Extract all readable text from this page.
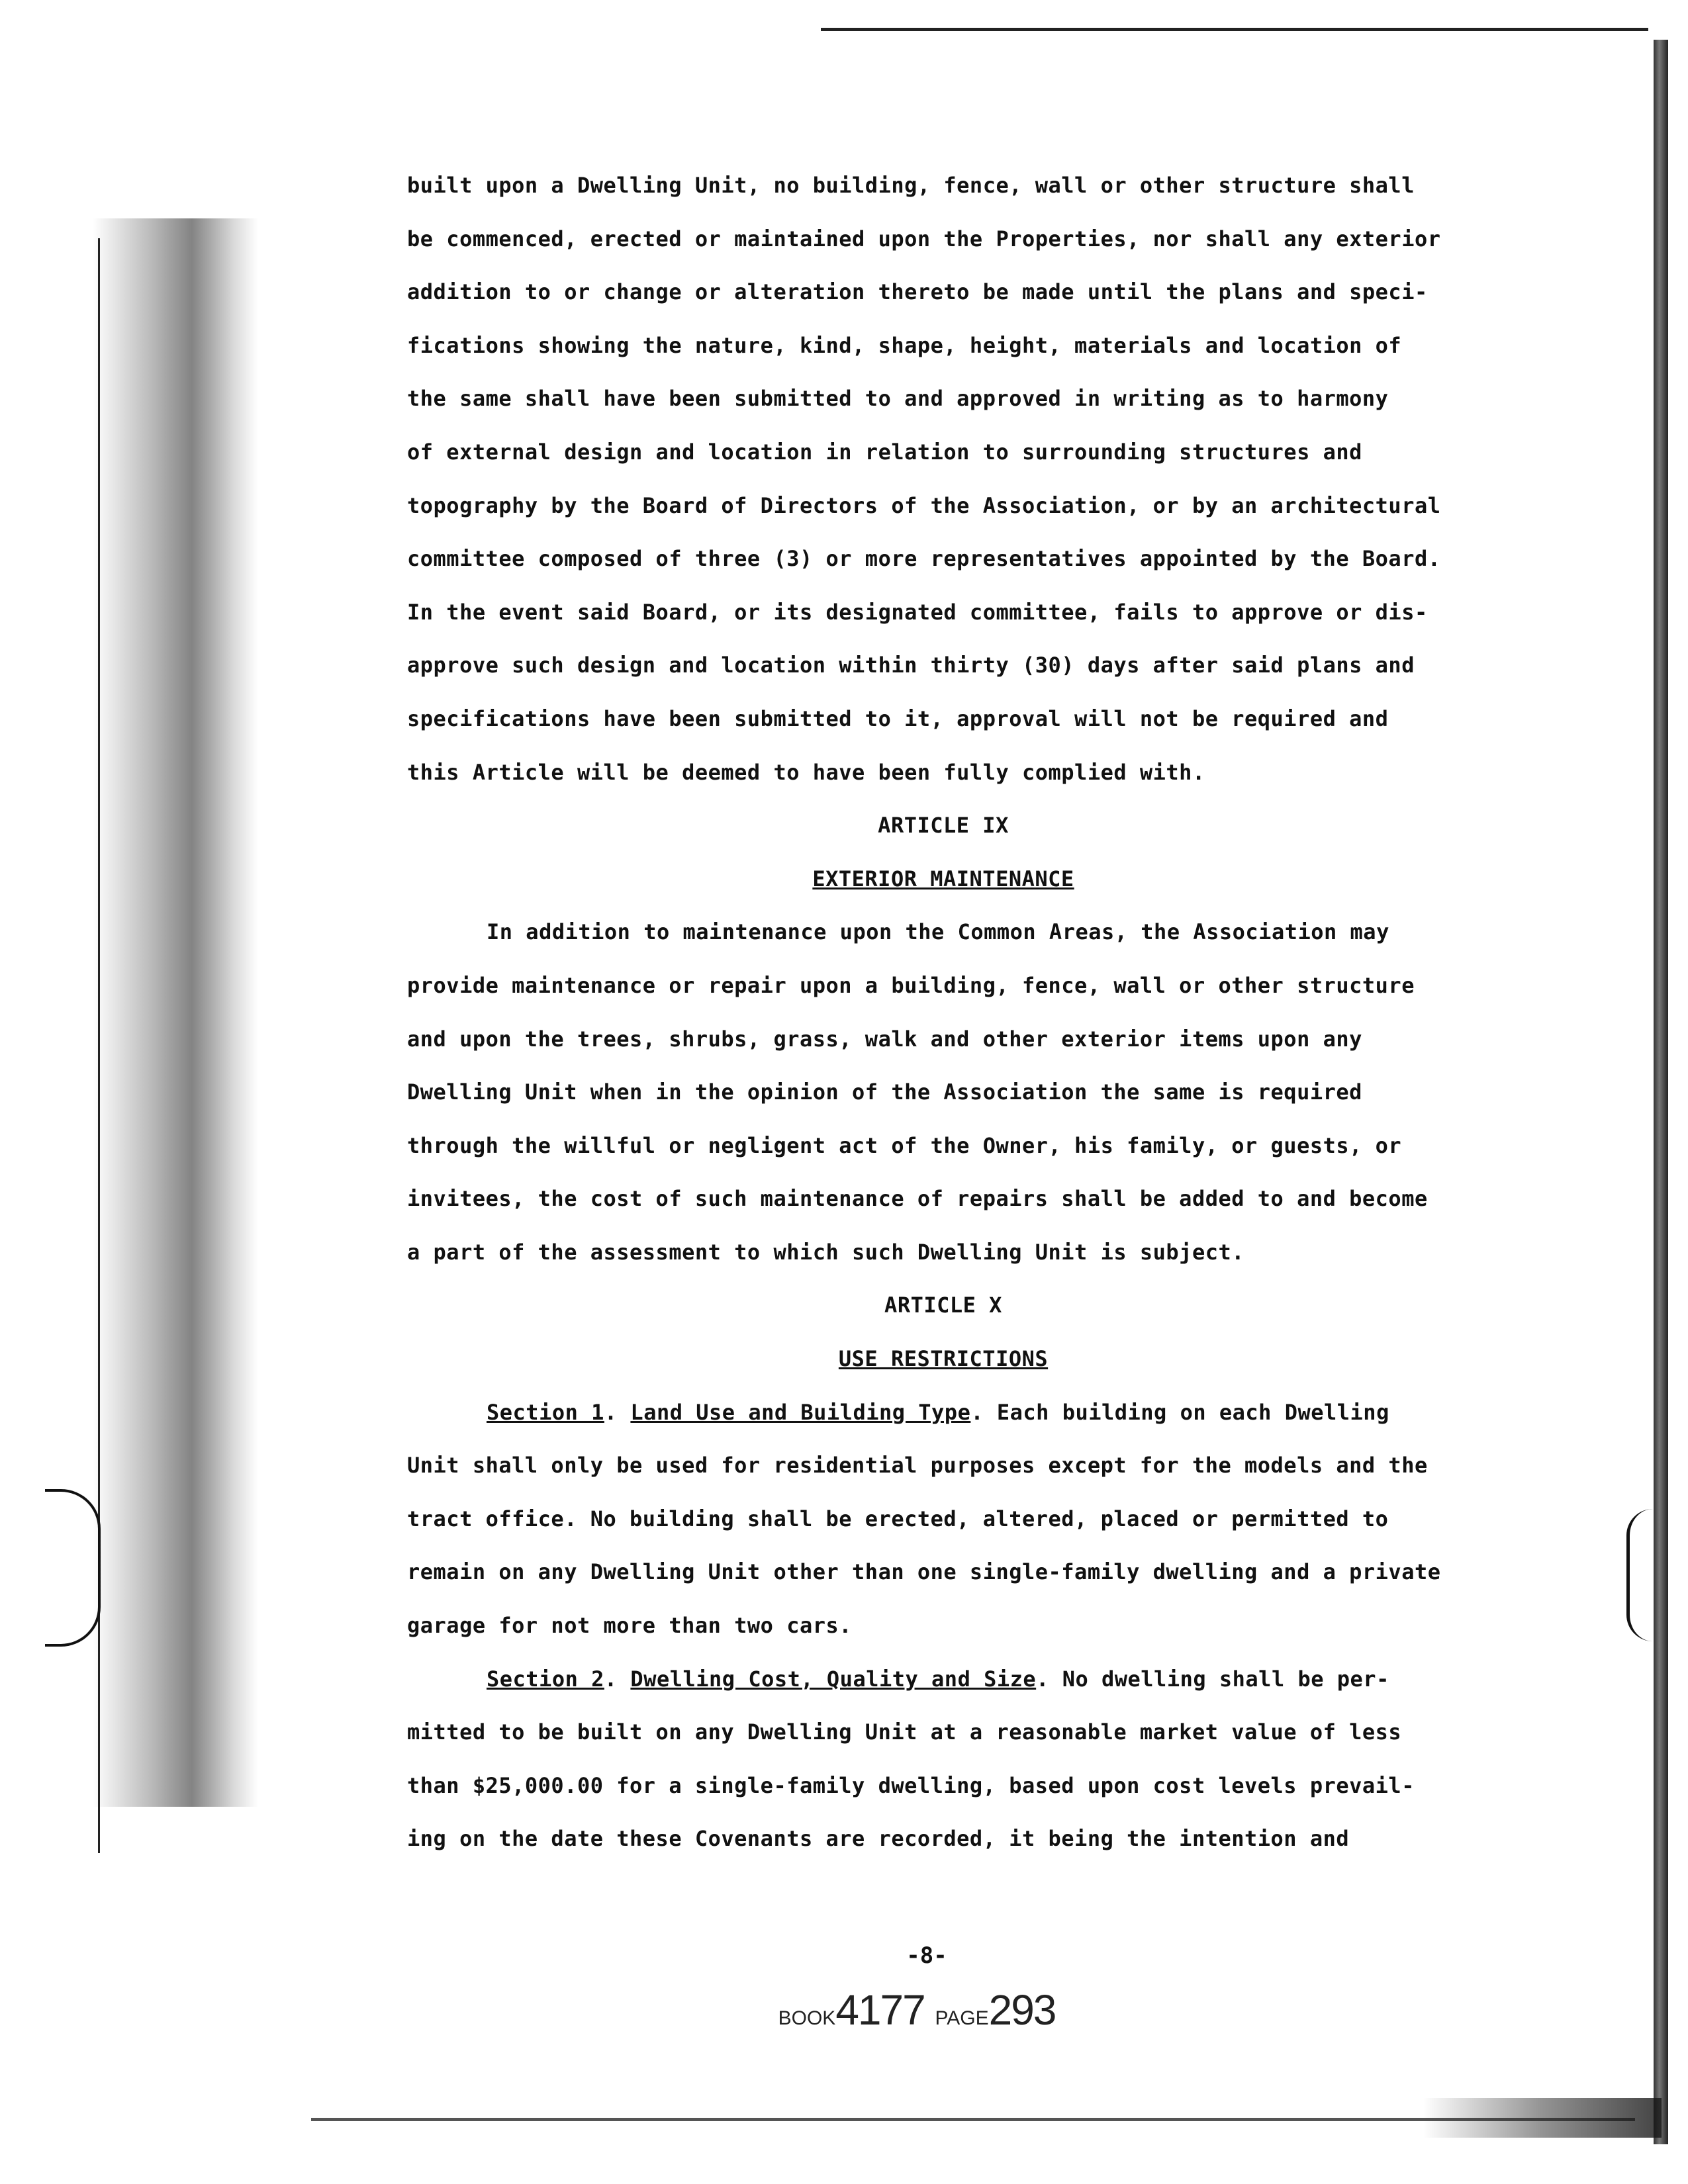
built upon a Dwelling Unit, no building, fence, wall or other structure shall
be commenced, erected or maintained upon the Properties, nor shall any exterior
addition to or change or alteration thereto be made until the plans and speci-
fications showing the nature, kind, shape, height, materials and location of
the same shall have been submitted to and approved in writing as to harmony
of external design and location in relation to surrounding structures and
topography by the Board of Directors of the Association, or by an architectural
committee composed of three (3) or more representatives appointed by the Board.
In the event said Board, or its designated committee, fails to approve or dis-
approve such design and location within thirty (30) days after said plans and
specifications have been submitted to it, approval will not be required and
this Article will be deemed to have been fully complied with.
ARTICLE IX
EXTERIOR MAINTENANCE
In addition to maintenance upon the Common Areas, the Association may
provide maintenance or repair upon a building, fence, wall or other structure
and upon the trees, shrubs, grass, walk and other exterior items upon any
Dwelling Unit when in the opinion of the Association the same is required
through the willful or negligent act of the Owner, his family, or guests, or
invitees, the cost of such maintenance of repairs shall be added to and become
a part of the assessment to which such Dwelling Unit is subject.
ARTICLE X
USE RESTRICTIONS
Section 1. Land Use and Building Type. Each building on each Dwelling
Unit shall only be used for residential purposes except for the models and the
tract office. No building shall be erected, altered, placed or permitted to
remain on any Dwelling Unit other than one single-family dwelling and a private
garage for not more than two cars.
Section 2. Dwelling Cost, Quality and Size. No dwelling shall be per-
mitted to be built on any Dwelling Unit at a reasonable market value of less
than $25,000.00 for a single-family dwelling, based upon cost levels prevail-
ing on the date these Covenants are recorded, it being the intention and
-8-
BOOK4177 PAGE293
